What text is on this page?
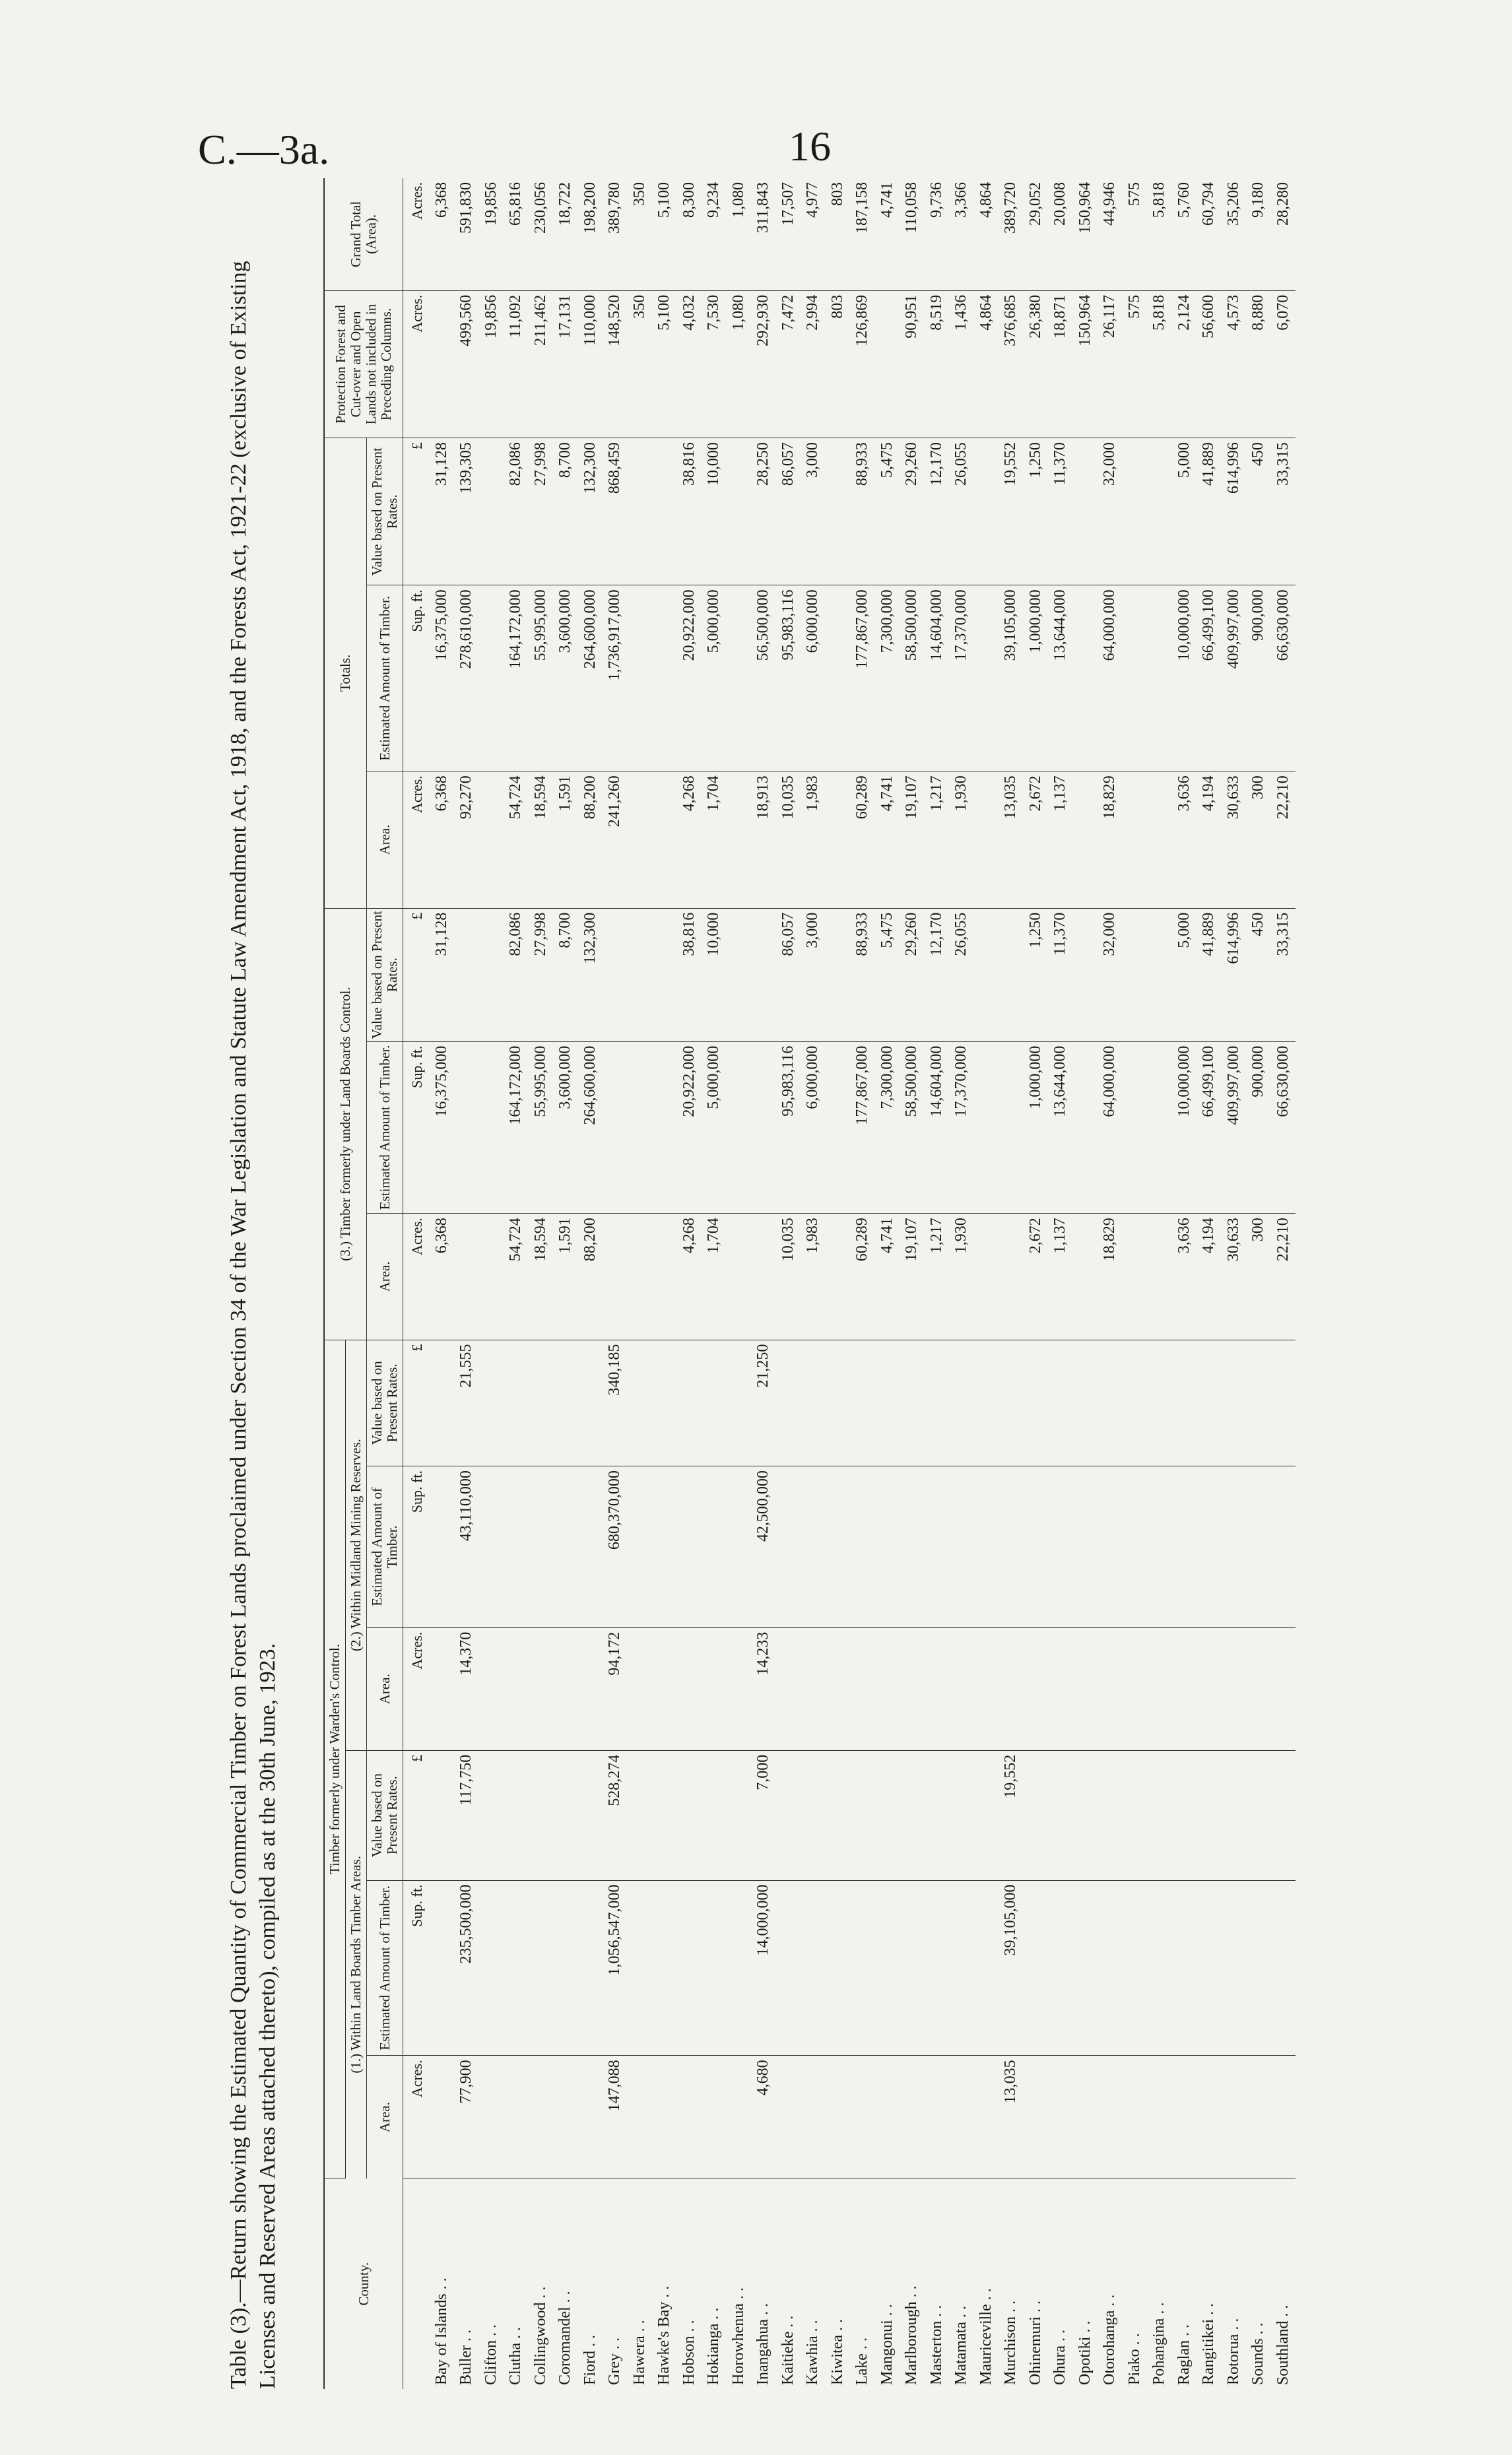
C.—3a.	16
Table (3).—Return showing the Estimated Quantity of Commercial Timber on Forest Lands proclaimed under Section 34 of the War Legislation and Statute Law Amendment Act, 1918, and the Forests Act, 1921-22 (exclusive of Existing Licenses and Reserved Areas attached thereto), compiled as at the 30th June, 1923.	County.	Timber formerly under Warden's Control.						(3.) Timber formerly under Land Boards Control.			Totals.			Protection Forest and Cut-over and Open Lands not included in Preceding Columns.	Grand Total (Area).
	(1.) Within Land Boards Timber Areas.			(2.) Within Midland Mining Reserves.										
	Area.	Estimated Amount of Timber.	Value based on Present Rates.	Area.	Estimated Amount of Timber.	Value based on Present Rates.	Area.	Estimated Amount of Timber.	Value based on Present Rates.	Area.	Estimated Amount of Timber.	Value based on Present Rates.		
	Acres.	Sup. ft.	£	Acres.	Sup. ft.	£	Acres.	Sup. ft.	£	Acres.	Sup. ft.	£	Acres.	Acres.
Bay of Islands . .							6,368	16,375,000	31,128	6,368	16,375,000	31,128		6,368
Buller . .	77,900	235,500,000	117,750	14,370	43,110,000	21,555				92,270	278,610,000	139,305	499,560	591,830
Clifton . .													19,856	19,856
Clutha . .							54,724	164,172,000	82,086	54,724	164,172,000	82,086	11,092	65,816
Collingwood . .							18,594	55,995,000	27,998	18,594	55,995,000	27,998	211,462	230,056
Coromandel . .							1,591	3,600,000	8,700	1,591	3,600,000	8,700	17,131	18,722
Fiord . .							88,200	264,600,000	132,300	88,200	264,600,000	132,300	110,000	198,200
Grey . .	147,088	1,056,547,000	528,274	94,172	680,370,000	340,185				241,260	1,736,917,000	868,459	148,520	389,780
Hawera . .													350	350
Hawke's Bay . .													5,100	5,100
Hobson . .							4,268	20,922,000	38,816	4,268	20,922,000	38,816	4,032	8,300
Hokianga . .							1,704	5,000,000	10,000	1,704	5,000,000	10,000	7,530	9,234
Horowhenua . .													1,080	1,080
Inangahua . .	4,680	14,000,000	7,000	14,233	42,500,000	21,250				18,913	56,500,000	28,250	292,930	311,843
Kaitieke . .							10,035	95,983,116	86,057	10,035	95,983,116	86,057	7,472	17,507
Kawhia . .							1,983	6,000,000	3,000	1,983	6,000,000	3,000	2,994	4,977
Kiwitea . .													803	803
Lake . .							60,289	177,867,000	88,933	60,289	177,867,000	88,933	126,869	187,158
Mangonui . .							4,741	7,300,000	5,475	4,741	7,300,000	5,475		4,741
Marlborough . .							19,107	58,500,000	29,260	19,107	58,500,000	29,260	90,951	110,058
Masterton . .							1,217	14,604,000	12,170	1,217	14,604,000	12,170	8,519	9,736
Matamata . .							1,930	17,370,000	26,055	1,930	17,370,000	26,055	1,436	3,366
Mauriceville . .													4,864	4,864
Murchison . .	13,035	39,105,000	19,552							13,035	39,105,000	19,552	376,685	389,720
Ohinemuri . .							2,672	1,000,000	1,250	2,672	1,000,000	1,250	26,380	29,052
Ohura . .							1,137	13,644,000	11,370	1,137	13,644,000	11,370	18,871	20,008
Opotiki . .													150,964	150,964
Otorohanga . .							18,829	64,000,000	32,000	18,829	64,000,000	32,000	26,117	44,946
Piako . .													575	575
Pohangina . .													5,818	5,818
Raglan . .							3,636	10,000,000	5,000	3,636	10,000,000	5,000	2,124	5,760
Rangitikei . .							4,194	66,499,100	41,889	4,194	66,499,100	41,889	56,600	60,794
Rotorua . .							30,633	409,997,000	614,996	30,633	409,997,000	614,996	4,573	35,206
Sounds . .							300	900,000	450	300	900,000	450	8,880	9,180
Southland . .							22,210	66,630,000	33,315	22,210	66,630,000	33,315	6,070	28,280
